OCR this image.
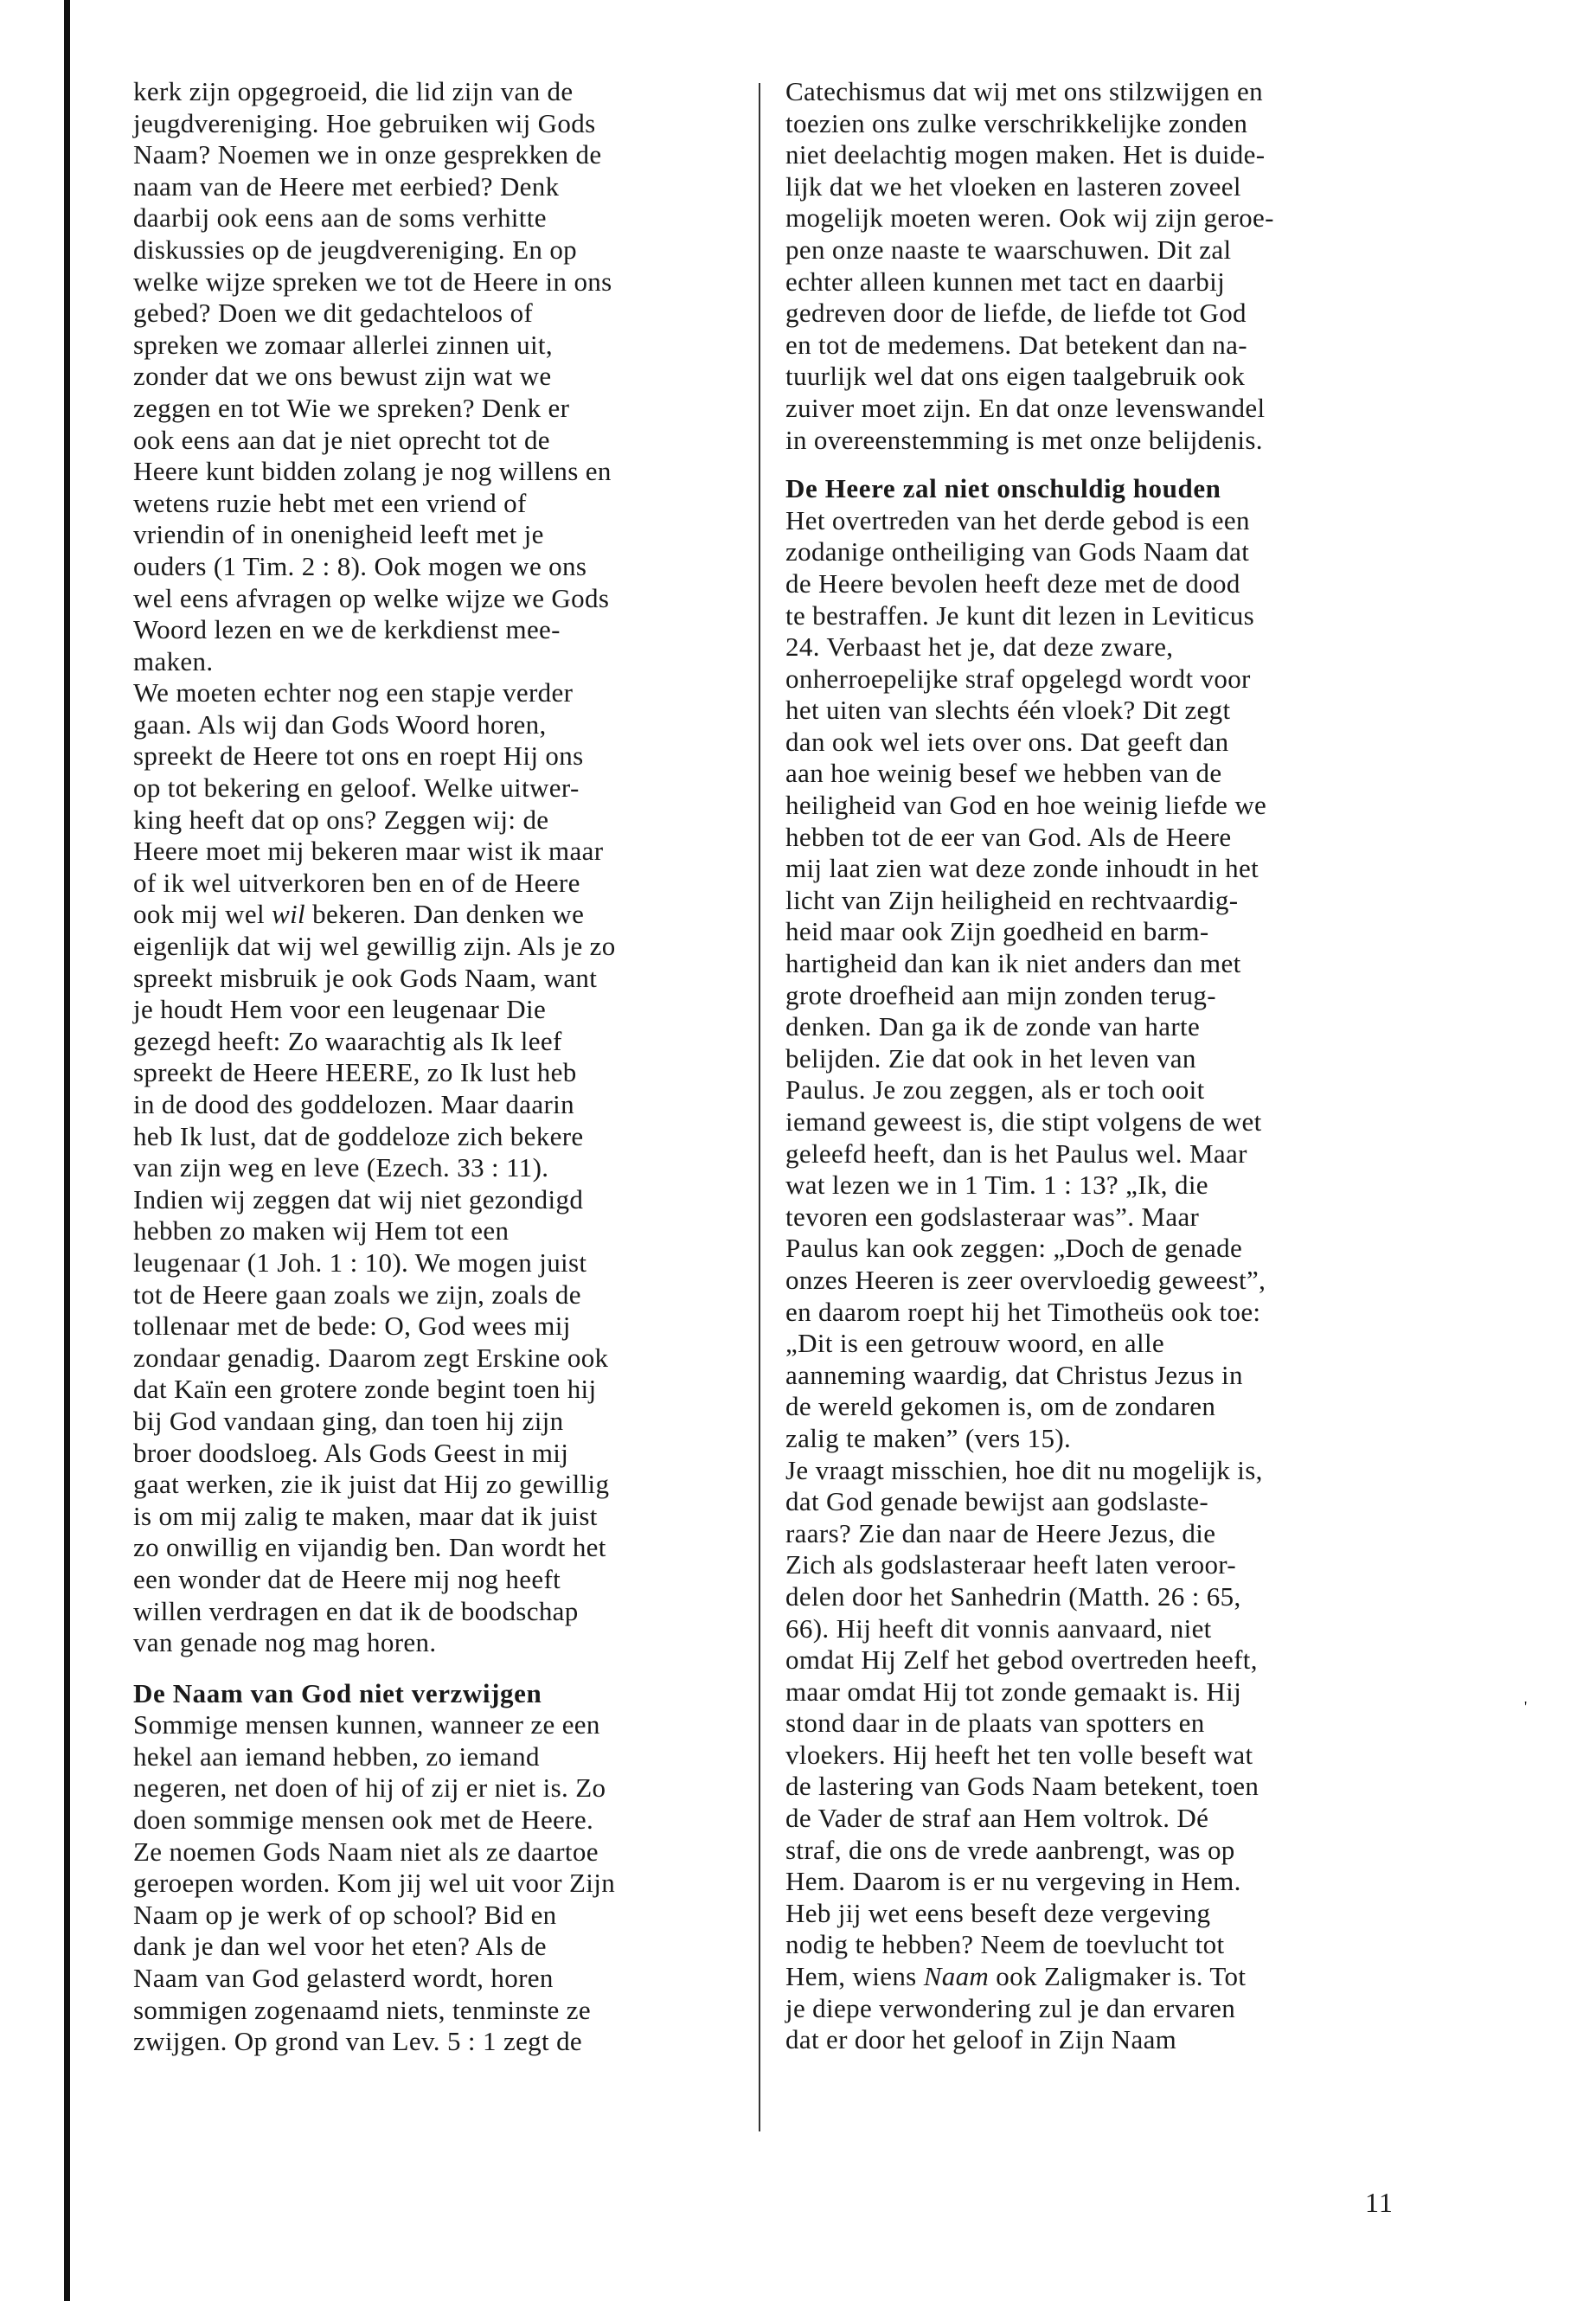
kerk zijn opgegroeid, die lid zijn van de
jeugdvereniging. Hoe gebruiken wij Gods
Naam? Noemen we in onze gesprekken de
naam van de Heere met eerbied? Denk
daarbij ook eens aan de soms verhitte
diskussies op de jeugdvereniging. En op
welke wijze spreken we tot de Heere in ons
gebed? Doen we dit gedachteloos of
spreken we zomaar allerlei zinnen uit,
zonder dat we ons bewust zijn wat we
zeggen en tot Wie we spreken? Denk er
ook eens aan dat je niet oprecht tot de
Heere kunt bidden zolang je nog willens en
wetens ruzie hebt met een vriend of
vriendin of in onenigheid leeft met je
ouders (1 Tim. 2 : 8). Ook mogen we ons
wel eens afvragen op welke wijze we Gods
Woord lezen en we de kerkdienst mee-
maken.
We moeten echter nog een stapje verder
gaan. Als wij dan Gods Woord horen,
spreekt de Heere tot ons en roept Hij ons
op tot bekering en geloof. Welke uitwer-
king heeft dat op ons? Zeggen wij: de
Heere moet mij bekeren maar wist ik maar
of ik wel uitverkoren ben en of de Heere
ook mij wel wil bekeren. Dan denken we
eigenlijk dat wij wel gewillig zijn. Als je zo
spreekt misbruik je ook Gods Naam, want
je houdt Hem voor een leugenaar Die
gezegd heeft: Zo waarachtig als Ik leef
spreekt de Heere HEERE, zo Ik lust heb
in de dood des goddelozen. Maar daarin
heb Ik lust, dat de goddeloze zich bekere
van zijn weg en leve (Ezech. 33 : 11).
Indien wij zeggen dat wij niet gezondigd
hebben zo maken wij Hem tot een
leugenaar (1 Joh. 1 : 10). We mogen juist
tot de Heere gaan zoals we zijn, zoals de
tollenaar met de bede: O, God wees mij
zondaar genadig. Daarom zegt Erskine ook
dat Kaïn een grotere zonde begint toen hij
bij God vandaan ging, dan toen hij zijn
broer doodsloeg. Als Gods Geest in mij
gaat werken, zie ik juist dat Hij zo gewillig
is om mij zalig te maken, maar dat ik juist
zo onwillig en vijandig ben. Dan wordt het
een wonder dat de Heere mij nog heeft
willen verdragen en dat ik de boodschap
van genade nog mag horen.
De Naam van God niet verzwijgen
Sommige mensen kunnen, wanneer ze een
hekel aan iemand hebben, zo iemand
negeren, net doen of hij of zij er niet is. Zo
doen sommige mensen ook met de Heere.
Ze noemen Gods Naam niet als ze daartoe
geroepen worden. Kom jij wel uit voor Zijn
Naam op je werk of op school? Bid en
dank je dan wel voor het eten? Als de
Naam van God gelasterd wordt, horen
sommigen zogenaamd niets, tenminste ze
zwijgen. Op grond van Lev. 5 : 1 zegt de
Catechismus dat wij met ons stilzwijgen en
toezien ons zulke verschrikkelijke zonden
niet deelachtig mogen maken. Het is duide-
lijk dat we het vloeken en lasteren zoveel
mogelijk moeten weren. Ook wij zijn geroe-
pen onze naaste te waarschuwen. Dit zal
echter alleen kunnen met tact en daarbij
gedreven door de liefde, de liefde tot God
en tot de medemens. Dat betekent dan na-
tuurlijk wel dat ons eigen taalgebruik ook
zuiver moet zijn. En dat onze levenswandel
in overeenstemming is met onze belijdenis.
De Heere zal niet onschuldig houden
Het overtreden van het derde gebod is een
zodanige ontheiliging van Gods Naam dat
de Heere bevolen heeft deze met de dood
te bestraffen. Je kunt dit lezen in Leviticus
24. Verbaast het je, dat deze zware,
onherroepelijke straf opgelegd wordt voor
het uiten van slechts één vloek? Dit zegt
dan ook wel iets over ons. Dat geeft dan
aan hoe weinig besef we hebben van de
heiligheid van God en hoe weinig liefde we
hebben tot de eer van God. Als de Heere
mij laat zien wat deze zonde inhoudt in het
licht van Zijn heiligheid en rechtvaardig-
heid maar ook Zijn goedheid en barm-
hartigheid dan kan ik niet anders dan met
grote droefheid aan mijn zonden terug-
denken. Dan ga ik de zonde van harte
belijden. Zie dat ook in het leven van
Paulus. Je zou zeggen, als er toch ooit
iemand geweest is, die stipt volgens de wet
geleefd heeft, dan is het Paulus wel. Maar
wat lezen we in 1 Tim. 1 : 13? „Ik, die
tevoren een godslasteraar was”. Maar
Paulus kan ook zeggen: „Doch de genade
onzes Heeren is zeer overvloedig geweest”,
en daarom roept hij het Timotheüs ook toe:
„Dit is een getrouw woord, en alle
aanneming waardig, dat Christus Jezus in
de wereld gekomen is, om de zondaren
zalig te maken” (vers 15).
Je vraagt misschien, hoe dit nu mogelijk is,
dat God genade bewijst aan godslaste-
raars? Zie dan naar de Heere Jezus, die
Zich als godslasteraar heeft laten veroor-
delen door het Sanhedrin (Matth. 26 : 65,
66). Hij heeft dit vonnis aanvaard, niet
omdat Hij Zelf het gebod overtreden heeft,
maar omdat Hij tot zonde gemaakt is. Hij
stond daar in de plaats van spotters en
vloekers. Hij heeft het ten volle beseft wat
de lastering van Gods Naam betekent, toen
de Vader de straf aan Hem voltrok. Dé
straf, die ons de vrede aanbrengt, was op
Hem. Daarom is er nu vergeving in Hem.
Heb jij wet eens beseft deze vergeving
nodig te hebben? Neem de toevlucht tot
Hem, wiens Naam ook Zaligmaker is. Tot
je diepe verwondering zul je dan ervaren
dat er door het geloof in Zijn Naam
'
11
